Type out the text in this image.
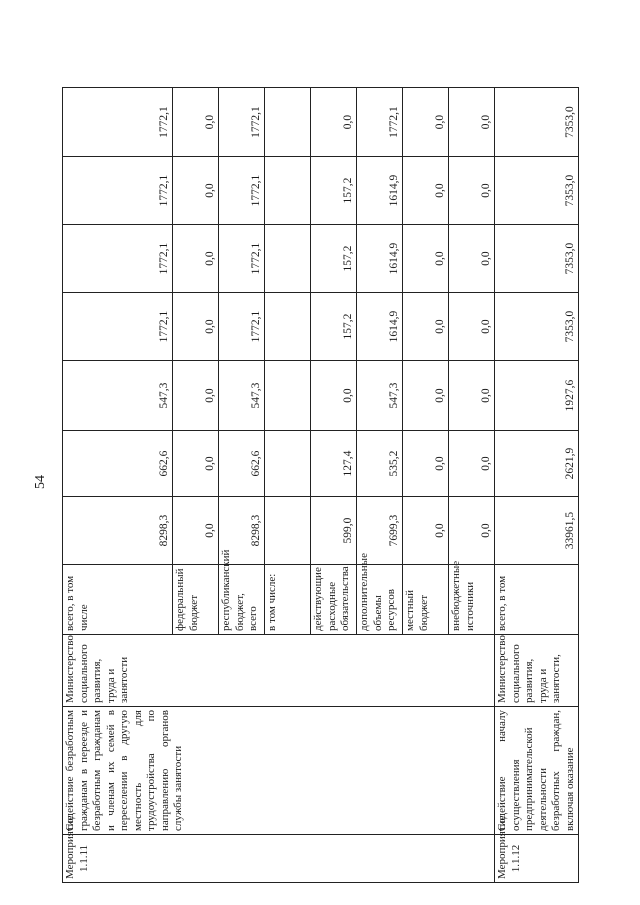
54
Мероприятие 1.1.11	Содействие безработным гражданам в переезде и безработным гражданам и членам их семей в переселении в другую местность для трудоустройства по направлению органов службы занятости	Министерство социального развития, труда и занятости	всего, в том числе	8298,3	662,6	547,3	1772,1	1772,1	1772,1	1772,1
			федеральный бюджет	0,0	0,0	0,0	0,0	0,0	0,0	0,0
			республиканский бюджет, всего	8298,3	662,6	547,3	1772,1	1772,1	1772,1	1772,1
			в том числе:							
			действующие расходные обязательства	599,0	127,4	0,0	157,2	157,2	157,2	0,0
			дополнительные объемы ресурсов	7699,3	535,2	547,3	1614,9	1614,9	1614,9	1772,1
			местный бюджет	0,0	0,0	0,0	0,0	0,0	0,0	0,0
			внебюджетные источники	0,0	0,0	0,0	0,0	0,0	0,0	0,0
Мероприятие 1.1.12	Содействие началу осуществления предпринимательской деятельности безработных граждан, включая оказание	Министерство социального развития, труда и занятости,	всего, в том	33961,5	2621,9	1927,6	7353,0	7353,0	7353,0	7353,0
